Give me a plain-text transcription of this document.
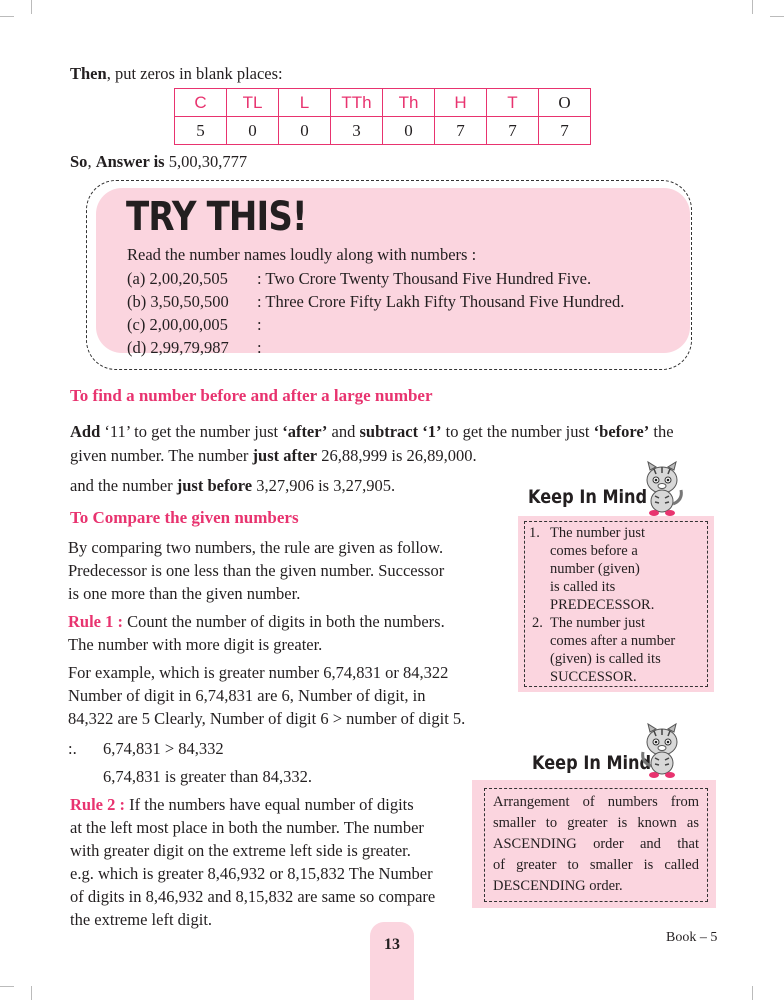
Then, put zeros in blank places:

C	TL	L	TTh	Th	H	T	O
5	0	0	3	0	7	7	7

So, Answer is 5,00,30,777

TRY THIS!
Read the number names loudly along with numbers :
(a) 2,00,20,505 : Two Crore Twenty Thousand Five Hundred Five.
(b) 3,50,50,500 : Three Crore Fifty Lakh Fifty Thousand Five Hundred.
(c) 2,00,00,005 :
(d) 2,99,79,987 :
To find a number before and after a large number

Add ‘11’ to get the number just ‘after’ and subtract ‘1’ to get the number just ‘before’ the
given number. The number just after 26,88,999 is 26,89,000.

and the number just before 3,27,906 is 3,27,905.

To Compare the given numbers

By comparing two numbers, the rule are given as follow.

Predecessor is one less than the given number. Successor

is one more than the given number.

Rule 1 : Count the number of digits in both the numbers.

The number with more digit is greater.

For example, which is greater number 6,74,831 or 84,322

Number of digit in 6,74,831 are 6, Number of digit, in

84,322 are 5 Clearly, Number of digit 6 > number of digit 5.

:. 6,74,831 > 84,332

6,74,831 is greater than 84,332.

Rule 2 : If the numbers have equal number of digits

at the left most place in both the number. The number

with greater digit on the extreme left side is greater.

e.g. which is greater 8,46,932 or 8,15,832 The Number

of digits in 8,46,932 and 8,15,832 are same so compare

the extreme left digit.

Keep In Mind
1. The number just
comes before a
number (given)
is called its
PREDECESSOR.
2. The number just
comes after a number
(given) is called its
SUCCESSOR.
Keep In Mind
Arrangement of numbers from
smaller to greater is known as
ASCENDING order and that
of greater to smaller is called
DESCENDING order.
13	Book – 5
